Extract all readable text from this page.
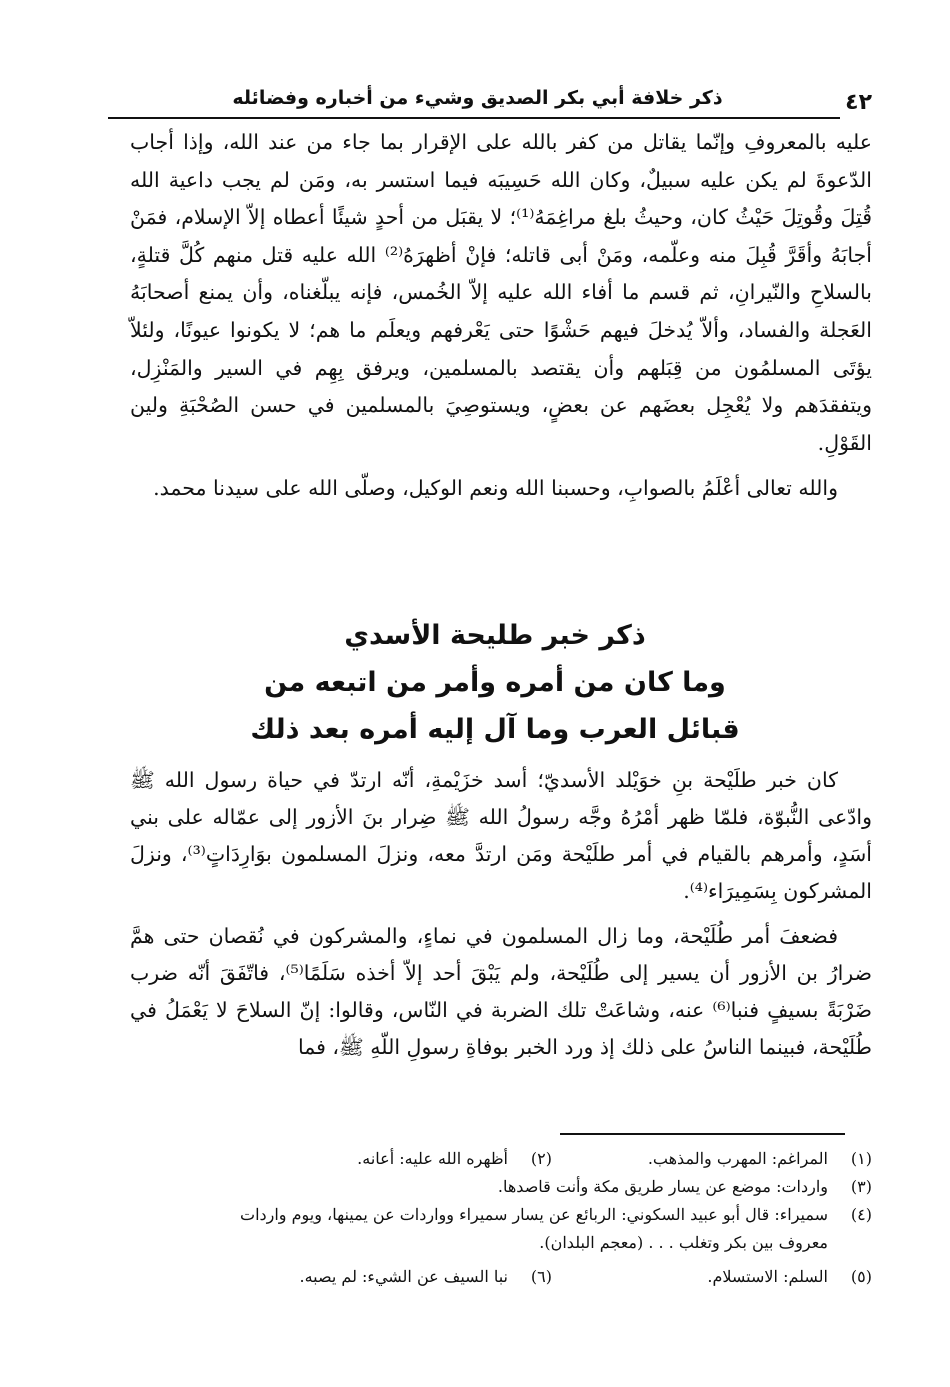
ذكر خلافة أبي بكر الصديق وشيء من أخباره وفضائله	٤٢

عليه بالمعروفِ وإنّما يقاتل من كفر بالله على الإقرار بما جاء من عند الله، وإذا أجاب الدّعوةَ لم يكن عليه سبيلٌ، وكان الله حَسِيبَه فيما استسر به، ومَن لم يجب داعية الله قُتِلَ وقُوتِلَ حَيْثُ كان، وحيثُ بلغ مراغِمَهُ⁽¹⁾؛ لا يقبَل من أحدٍ شيئًا أعطاه إلاّ الإسلام، فمَنْ أجابَهُ وأقَرَّ قُبِلَ منه وعلّمه، ومَنْ أبى قاتله؛ فإنْ أظهرَهُ⁽²⁾ الله عليه قتل منهم كُلَّ قتلةٍ، بالسلاحِ والنّيرانِ، ثم قسم ما أفاء الله عليه إلاّ الخُمس، فإنه يبلّغناه، وأن يمنع أصحابَهُ العَجلة والفساد، وألاّ يُدخلَ فيهم حَشْوًا حتى يَعْرفهم ويعلَم ما هم؛ لا يكونوا عيونًا، ولئلاّ يؤتَى المسلمُون من قِبَلهم وأن يقتصد بالمسلمين، ويرفق بِهِم في السير والمَنْزِل، ويتفقدَهم ولا يُعْجِل بعضَهم عن بعضٍ، ويستوصِيَ بالمسلمين في حسن الصُحْبَةِ ولين القَوْلِ.

والله تعالى أعْلَمُ بالصوابِ، وحسبنا الله ونعم الوكيل، وصلّى الله على سيدنا محمد.

ذكر خبر طليحة الأسدي
وما كان من أمره وأمر من اتبعه من
قبائل العرب وما آل إليه أمره بعد ذلك

كان خبر طلَيْحة بنِ خوَيْلد الأسديّ؛ أسد خزَيْمةِ، أنّه ارتدّ في حياة رسول الله ﷺ وادّعى النُّبوّة، فلمّا ظهر أمْرُهُ وجَّه رسولُ الله ﷺ ضِرار بنَ الأزور إلى عمّاله على بني أسَدٍ، وأمرهم بالقيام في أمر طلَيْحة ومَن ارتدَّ معه، ونزلَ المسلمون بوَارِدَاتٍ⁽³⁾، ونزلَ المشركون بِسَمِيرَاء⁽⁴⁾.

فضعفَ أمر طُلَيْحة، وما زال المسلمون في نماءٍ، والمشركون في نُقصان حتى همَّ ضرارُ بن الأزور أن يسير إلى طُلَيْحة، ولم يَبْقَ أحد إلاّ أخذه سَلَمًا⁽⁵⁾، فاتّفَقَ أنّه ضرب ضَرْبَةً بسيفٍ فنبا⁽⁶⁾ عنه، وشاعَتْ تلك الضربة في النّاس، وقالوا: إنّ السلاحَ لا يَعْمَلُ في طُلَيْحة، فبينما الناسُ على ذلك إذ ورد الخبر بوفاةِ رسولِ اللّهِ ﷺ، فما

(١)
المراغم: المهرب والمذهب.
(٢)
أظهره الله عليه: أعانه.
(٣)
واردات: موضع عن يسار طريق مكة وأنت قاصدها.
(٤)
سميراء: قال أبو عبيد السكوني: الربائع عن يسار سميراء وواردات عن يمينها، ويوم واردات
معروف بين بكر وتغلب . . . (معجم البلدان).
(٥)
السلم: الاستسلام.
(٦)
نبا السيف عن الشيء: لم يصبه.
